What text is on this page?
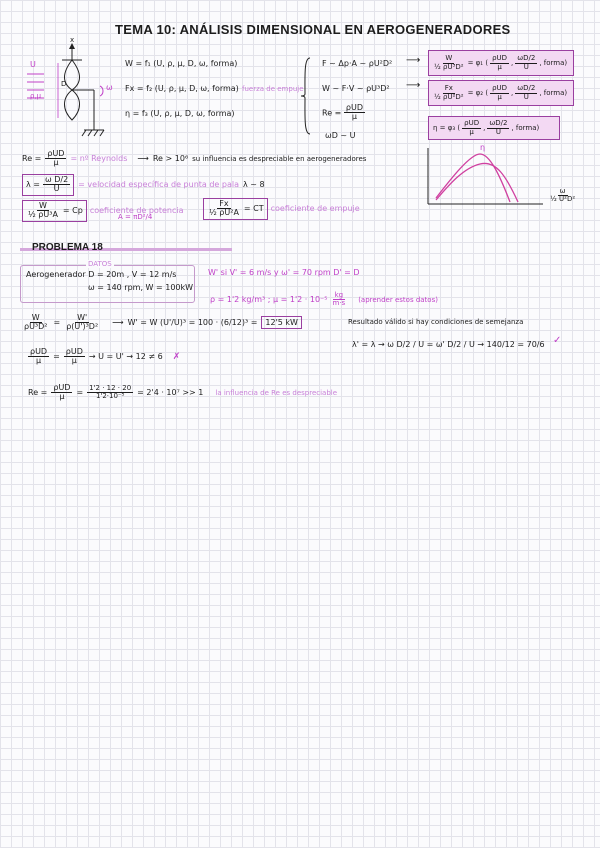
TEMA 10: ANÁLISIS DIMENSIONAL EN AEROGENERADORES
x
U
ρ,μ
D	ω
W = f₁ (U, ρ, μ, D, ω, forma)
Fx = f₂ (U, ρ, μ, D, ω, forma) fuerza de empuje
η = f₃ (U, ρ, μ, D, ω, forma)
F ~ Δp·A ~ ρU²D²
W ~ F·V ~ ρU³D²
$Re = \frac{\text{ρUD}}{\mu}$
ωD ~ U
⟶
⟶
$\frac{W}{\text{½ ρU³D²}} = \varphi_1$ ( $\frac{\text{ρUD}}{\mu}$ , $\frac{\omega D/2}{U}$ , forma)
$\frac{Fx}{\text{½ ρU²D²}} = \varphi_2$ ( $\frac{\text{ρUD}}{\mu}$ , $\frac{\omega D/2}{U}$ , forma)
η = φ₃ ( $\frac{\text{ρUD}}{\mu}$ , $\frac{\omega D/2}{U}$ , forma)
$Re = \frac{\text{ρUD}}{\mu}$ = nº Reynolds ⟶ Re > 10⁶ su influencia es despreciable en aerogeneradores
$\lambda = \frac{\text{ω D/2}}{U}$ = velocidad específica de punta de pala λ ~ 8
$\frac{W}{\text{½ ρU³A}} = Cp$ coeficiente de potencia
A = πD²/4	$\frac{Fx}{\text{½ ρU²A}}$ = CT coeficiente de empuje
η
$\frac{\omega}{\text{½ U²D²}}$
PROBLEMA 18
DATOS
Aerogenerador D = 20m , V = 12 m/s
ω = 140 rpm, W = 100kW
W' si V' = 6 m/s y ω' = 70 rpm D' = D
ρ = 1'2 kg/m³ ; $\mu = 1'2 \cdot 10^{-5} \frac{kg}{m\cdot s}$ (aprender estos datos)
$\frac{W}{\text{ρU³D²}} = \frac{W'}{\text{ρ(U')³D²}}$ ⟶ W' = W (U'/U)³ = 100 · (6/12)³ =	12'5 kW	Resultado válido si hay condiciones de semejanza
λ' = λ → ω D/2 / U = ω' D/2 / U → 140/12 = 70/6 ✓
$\frac{\text{ρUD}}{\mu} = \frac{\text{ρUD}}{\mu} \to U = U' \to 12 \ne 6$ ✗
$Re = \frac{\text{ρUD}}{\mu} = \frac{1'2 \cdot 12 \cdot 20}{\text{1'2·10⁻⁵}} = 2'4 \cdot 10^7 >> 1$ la influencia de Re es despreciable
